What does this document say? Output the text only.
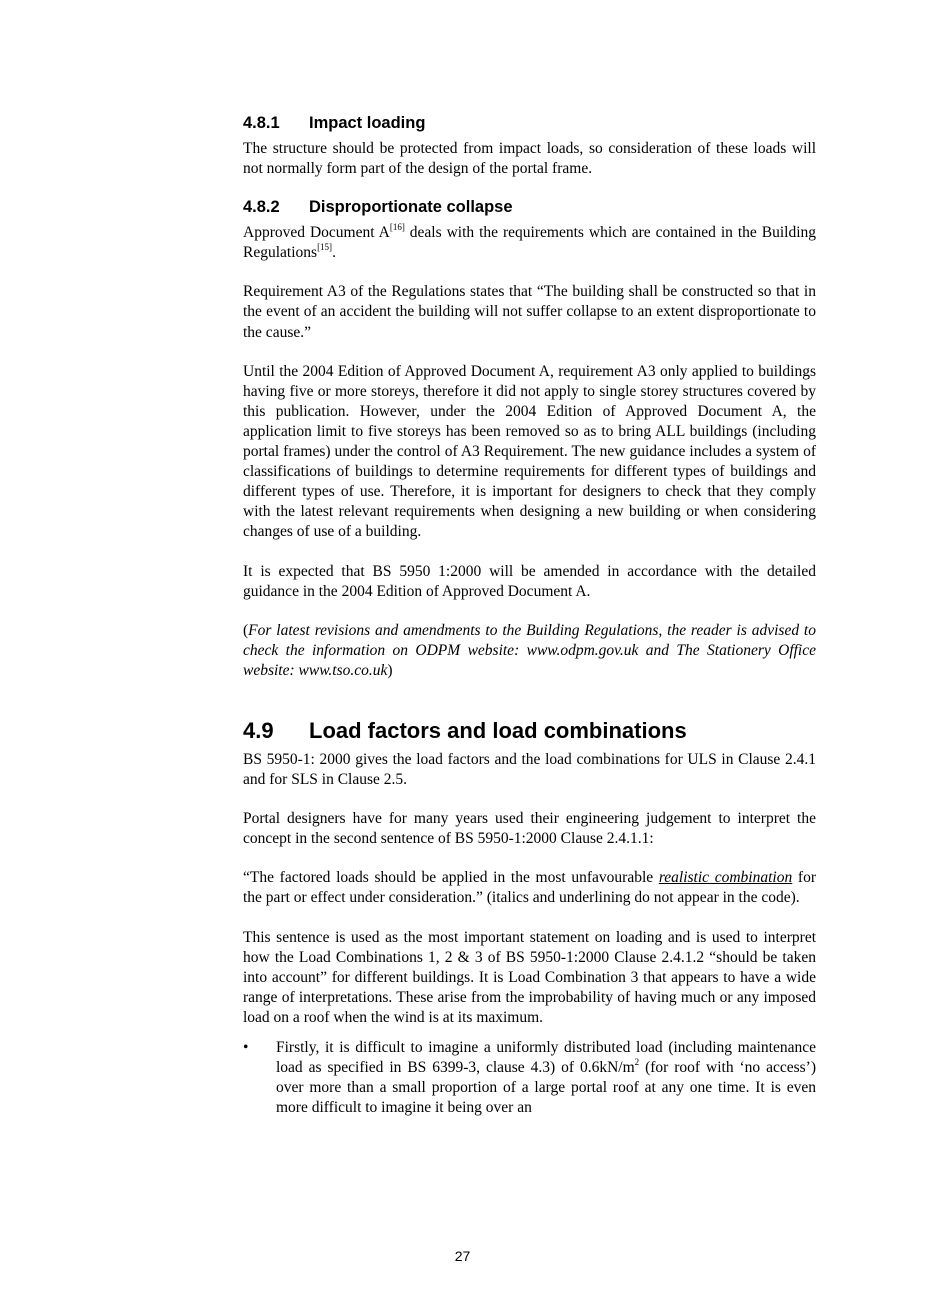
4.8.1	Impact loading

The structure should be protected from impact loads, so consideration of these loads will not normally form part of the design of the portal frame.

4.8.2	Disproportionate collapse

Approved Document A[16] deals with the requirements which are contained in the Building Regulations[15].

Requirement A3 of the Regulations states that “The building shall be constructed so that in the event of an accident the building will not suffer collapse to an extent disproportionate to the cause.”

Until the 2004 Edition of Approved Document A, requirement A3 only applied to buildings having five or more storeys, therefore it did not apply to single storey structures covered by this publication. However, under the 2004 Edition of Approved Document A, the application limit to five storeys has been removed so as to bring ALL buildings (including portal frames) under the control of A3 Requirement. The new guidance includes a system of classifications of buildings to determine requirements for different types of buildings and different types of use. Therefore, it is important for designers to check that they comply with the latest relevant requirements when designing a new building or when considering changes of use of a building.

It is expected that BS 5950 1:2000 will be amended in accordance with the detailed guidance in the 2004 Edition of Approved Document A.

(For latest revisions and amendments to the Building Regulations, the reader is advised to check the information on ODPM website: www.odpm.gov.uk and The Stationery Office website: www.tso.co.uk)

4.9	Load factors and load combinations

BS 5950-1: 2000 gives the load factors and the load combinations for ULS in Clause 2.4.1 and for SLS in Clause 2.5.

Portal designers have for many years used their engineering judgement to interpret the concept in the second sentence of BS 5950-1:2000 Clause 2.4.1.1:

“The factored loads should be applied in the most unfavourable realistic combination for the part or effect under consideration.” (italics and underlining do not appear in the code).

This sentence is used as the most important statement on loading and is used to interpret how the Load Combinations 1, 2 & 3 of BS 5950-1:2000 Clause 2.4.1.2 “should be taken into account” for different buildings. It is Load Combination 3 that appears to have a wide range of interpretations. These arise from the improbability of having much or any imposed load on a roof when the wind is at its maximum.

•	Firstly, it is difficult to imagine a uniformly distributed load (including maintenance load as specified in BS 6399-3, clause 4.3) of $0.6kN/m^2$ (for roof with ‘no access’) over more than a small proportion of a large portal roof at any one time. It is even more difficult to imagine it being over an
27
